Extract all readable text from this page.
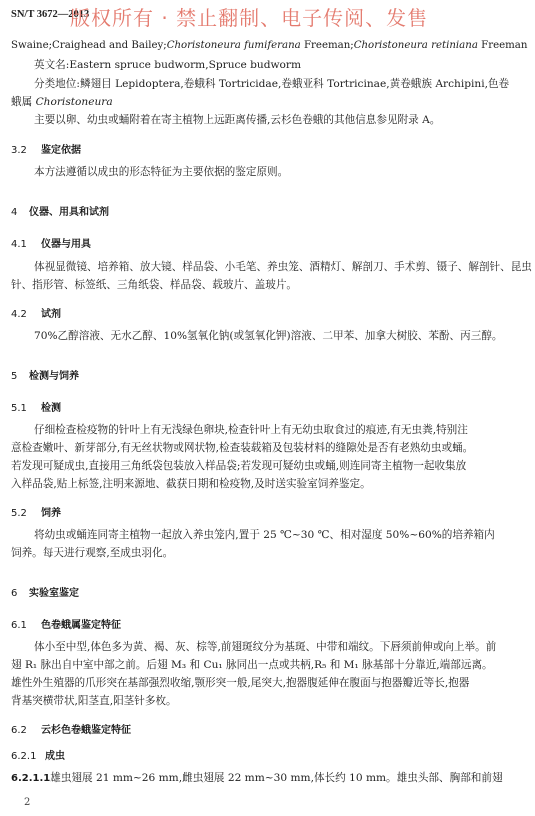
SN/T 3672—2013
版权所有 · 禁止翻制、电子传阅、发售
Swaine;Craighead and Bailey;Choristoneura fumiferana Freeman;Choristoneura retiniana Freeman
英文名:Eastern spruce budworm,Spruce budworm
分类地位:鳞翅目 Lepidoptera,卷蛾科 Tortricidae,卷蛾亚科 Tortricinae,黄卷蛾族 Archipini,色卷
蛾属 Choristoneura
主要以卵、幼虫或蛹附着在寄主植物上远距离传播,云杉色卷蛾的其他信息参见附录 A。
3.2 鉴定依据
本方法遵循以成虫的形态特征为主要依据的鉴定原则。
4 仪器、用具和试剂
4.1 仪器与用具
体视显微镜、培养箱、放大镜、样品袋、小毛笔、养虫笼、酒精灯、解剖刀、手术剪、镊子、解剖针、昆虫
针、指形管、标签纸、三角纸袋、样品袋、载玻片、盖玻片。
4.2 试剂
70%乙醇溶液、无水乙醇、10%氢氧化钠(或氢氧化钾)溶液、二甲苯、加拿大树胶、苯酚、丙三醇。
5 检测与饲养
5.1 检测
仔细检查检疫物的针叶上有无浅绿色卵块,检查针叶上有无幼虫取食过的痕迹,有无虫粪,特别注
意检查嫩叶、新芽部分,有无丝状物或网状物,检查装载箱及包装材料的缝隙处是否有老熟幼虫或蛹。
若发现可疑成虫,直接用三角纸袋包装放入样品袋;若发现可疑幼虫或蛹,则连同寄主植物一起收集放
入样品袋,贴上标签,注明来源地、截获日期和检疫物,及时送实验室饲养鉴定。
5.2 饲养
将幼虫或蛹连同寄主植物一起放入养虫笼内,置于 25 ℃~30 ℃、相对湿度 50%~60%的培养箱内
饲养。每天进行观察,至成虫羽化。
6 实验室鉴定
6.1 色卷蛾属鉴定特征
体小至中型,体色多为黄、褐、灰、棕等,前翅斑纹分为基斑、中带和端纹。下唇须前伸或向上举。前
翅 R₁ 脉出自中室中部之前。后翅 M₃ 和 Cu₁ 脉同出一点或共柄,R₅ 和 M₁ 脉基部十分靠近,端部远离。
雄性外生殖器的爪形突在基部强烈收缩,颚形突一般,尾突大,抱器腹延伸在腹面与抱器瓣近等长,抱器
背基突横带状,阳茎直,阳茎针多枚。
6.2 云杉色卷蛾鉴定特征
6.2.1 成虫
6.2.1.1雄虫翅展 21 mm~26 mm,雌虫翅展 22 mm~30 mm,体长约 10 mm。雄虫头部、胸部和前翅
2
